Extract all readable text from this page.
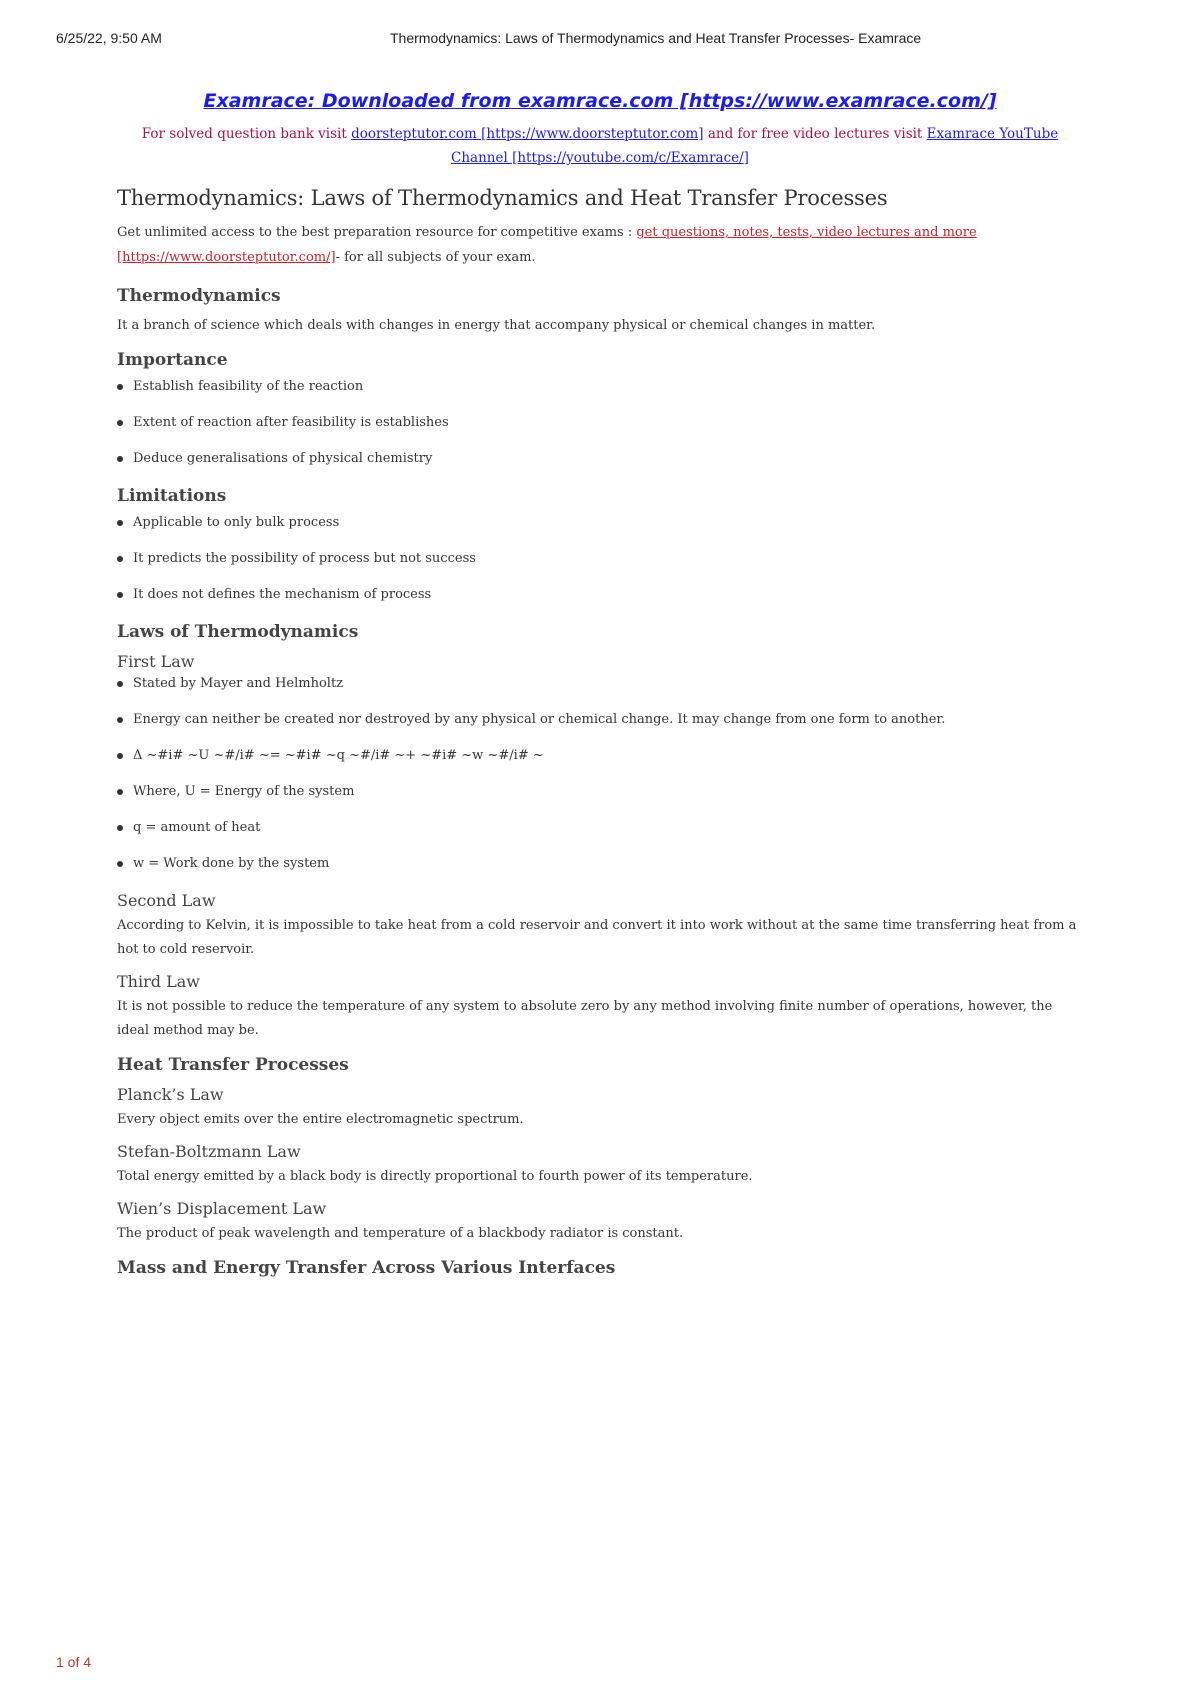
6/25/22, 9:50 AM	Thermodynamics: Laws of Thermodynamics and Heat Transfer Processes- Examrace
Examrace: Downloaded from examrace.com [https://www.examrace.com/]
For solved question bank visit doorsteptutor.com [https://www.doorsteptutor.com] and for free video lectures visit Examrace YouTube Channel [https://youtube.com/c/Examrace/]
Thermodynamics: Laws of Thermodynamics and Heat Transfer Processes

Get unlimited access to the best preparation resource for competitive exams : get questions, notes, tests, video lectures and more [https://www.doorsteptutor.com/]- for all subjects of your exam.

Thermodynamics

It a branch of science which deals with changes in energy that accompany physical or chemical changes in matter.

Importance
Establish feasibility of the reaction
Extent of reaction after feasibility is establishes
Deduce generalisations of physical chemistry
Limitations
Applicable to only bulk process
It predicts the possibility of process but not success
It does not defines the mechanism of process
Laws of Thermodynamics
First Law
Stated by Mayer and Helmholtz
Energy can neither be created nor destroyed by any physical or chemical change. It may change from one form to another.
Δ ~#i# ~U ~#/i# ~= ~#i# ~q ~#/i# ~+ ~#i# ~w ~#/i# ~
Where, U = Energy of the system
q = amount of heat
w = Work done by the system
Second Law

According to Kelvin, it is impossible to take heat from a cold reservoir and convert it into work without at the same time transferring heat from a hot to cold reservoir.

Third Law

It is not possible to reduce the temperature of any system to absolute zero by any method involving finite number of operations, however, the ideal method may be.

Heat Transfer Processes
Planck’s Law

Every object emits over the entire electromagnetic spectrum.

Stefan-Boltzmann Law

Total energy emitted by a black body is directly proportional to fourth power of its temperature.

Wien’s Displacement Law

The product of peak wavelength and temperature of a blackbody radiator is constant.

Mass and Energy Transfer Across Various Interfaces
1 of 4
